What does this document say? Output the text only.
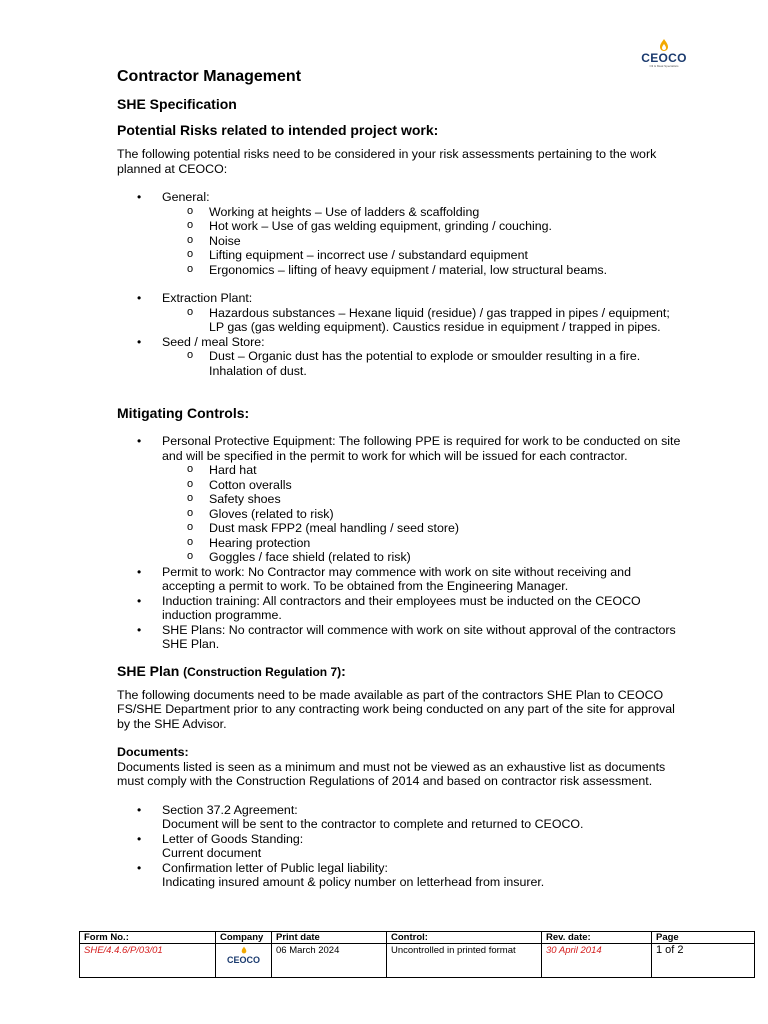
CEOCO
Oil & Meal Specialists
Contractor Management
SHE Specification
Potential Risks related to intended project work:

The following potential risks need to be considered in your risk assessments pertaining to the work planned at CEOCO:

• General:
o Working at heights – Use of ladders & scaffolding
o Hot work – Use of gas welding equipment, grinding / couching.
o Noise
o Lifting equipment – incorrect use / substandard equipment
o Ergonomics – lifting of heavy equipment / material, low structural beams.
• Extraction Plant:
o Hazardous substances – Hexane liquid (residue) / gas trapped in pipes / equipment; LP gas (gas welding equipment). Caustics residue in equipment / trapped in pipes.
• Seed / meal Store:
o Dust – Organic dust has the potential to explode or smoulder resulting in a fire. Inhalation of dust.
Mitigating Controls:
• Personal Protective Equipment: The following PPE is required for work to be conducted on site and will be specified in the permit to work for which will be issued for each contractor.
o Hard hat
o Cotton overalls
o Safety shoes
o Gloves (related to risk)
o Dust mask FPP2 (meal handling / seed store)
o Hearing protection
o Goggles / face shield (related to risk)
• Permit to work: No Contractor may commence with work on site without receiving and accepting a permit to work. To be obtained from the Engineering Manager.
• Induction training: All contractors and their employees must be inducted on the CEOCO induction programme.
• SHE Plans: No contractor will commence with work on site without approval of the contractors SHE Plan.
SHE Plan (Construction Regulation 7):

The following documents need to be made available as part of the contractors SHE Plan to CEOCO FS/SHE Department prior to any contracting work being conducted on any part of the site for approval by the SHE Advisor.

Documents:

Documents listed is seen as a minimum and must not be viewed as an exhaustive list as documents must comply with the Construction Regulations of 2014 and based on contractor risk assessment.

• Section 37.2 Agreement:
Document will be sent to the contractor to complete and returned to CEOCO.
• Letter of Goods Standing:
Current document
• Confirmation letter of Public legal liability:
Indicating insured amount & policy number on letterhead from insurer.
Form No.:	Company	Print date	Control:	Rev. date:	Page
SHE/4.4.6/P/03/01	CEOCO	06 March 2024	Uncontrolled in printed format	30 April 2014	1 of 2
